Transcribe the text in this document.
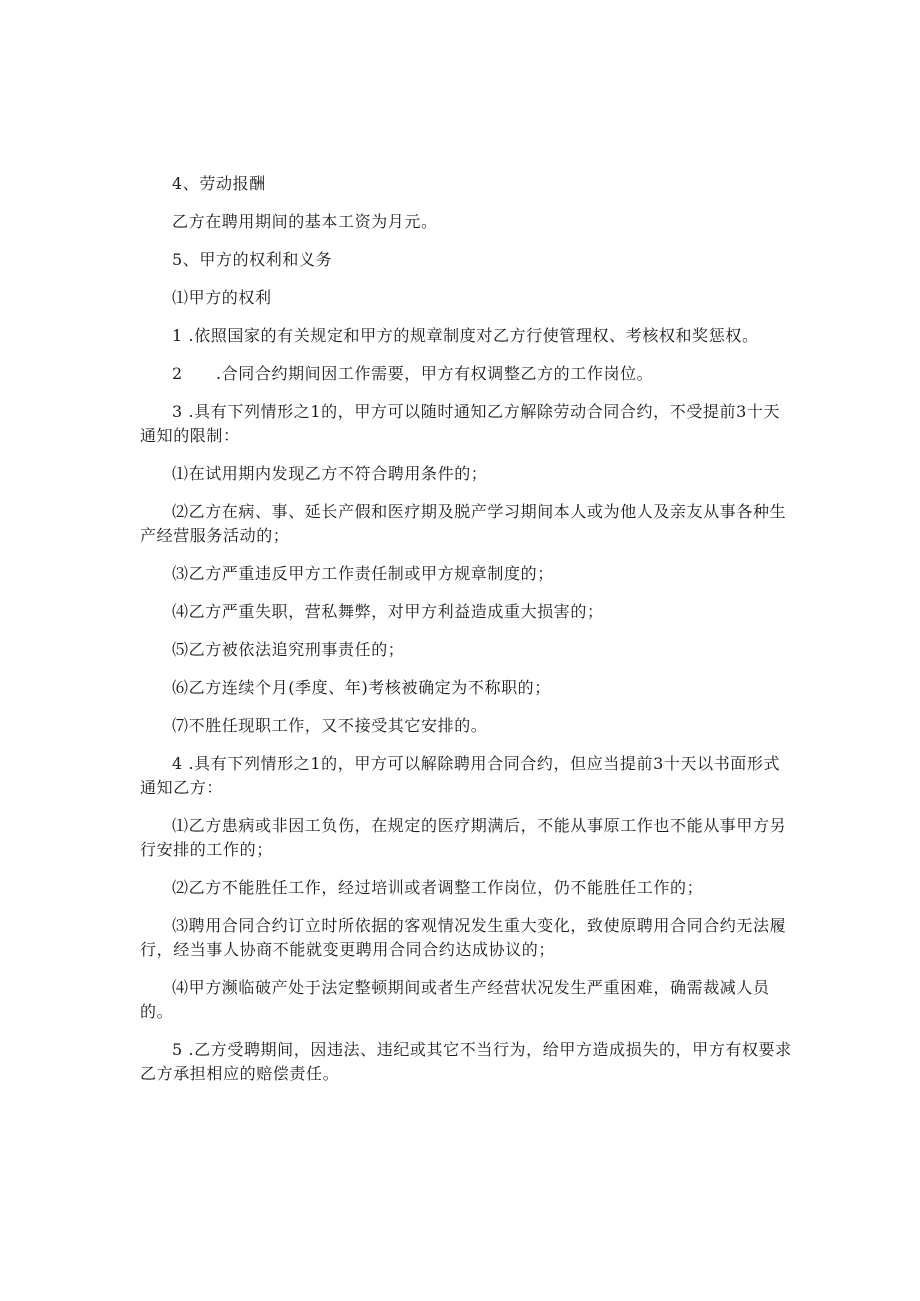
4、劳动报酬

乙方在聘用期间的基本工资为月元。

5、甲方的权利和义务

⑴甲方的权利

1 .依照国家的有关规定和甲方的规章制度对乙方行使管理权、考核权和奖惩权。

2　　.合同合约期间因工作需要，甲方有权调整乙方的工作岗位。

3 .具有下列情形之1的，甲方可以随时通知乙方解除劳动合同合约，不受提前3十天通知的限制：

⑴在试用期内发现乙方不符合聘用条件的；

⑵乙方在病、事、延长产假和医疗期及脱产学习期间本人或为他人及亲友从事各种生产经营服务活动的；

⑶乙方严重违反甲方工作责任制或甲方规章制度的；

⑷乙方严重失职，营私舞弊，对甲方利益造成重大损害的；

⑸乙方被依法追究刑事责任的；

⑹乙方连续个月(季度、年)考核被确定为不称职的；

⑺不胜任现职工作，又不接受其它安排的。

4 .具有下列情形之1的，甲方可以解除聘用合同合约，但应当提前3十天以书面形式通知乙方：

⑴乙方患病或非因工负伤，在规定的医疗期满后，不能从事原工作也不能从事甲方另行安排的工作的；

⑵乙方不能胜任工作，经过培训或者调整工作岗位，仍不能胜任工作的；

⑶聘用合同合约订立时所依据的客观情况发生重大变化，致使原聘用合同合约无法履行，经当事人协商不能就变更聘用合同合约达成协议的；

⑷甲方濒临破产处于法定整顿期间或者生产经营状况发生严重困难，确需裁减人员的。

5 .乙方受聘期间，因违法、违纪或其它不当行为，给甲方造成损失的，甲方有权要求乙方承担相应的赔偿责任。
